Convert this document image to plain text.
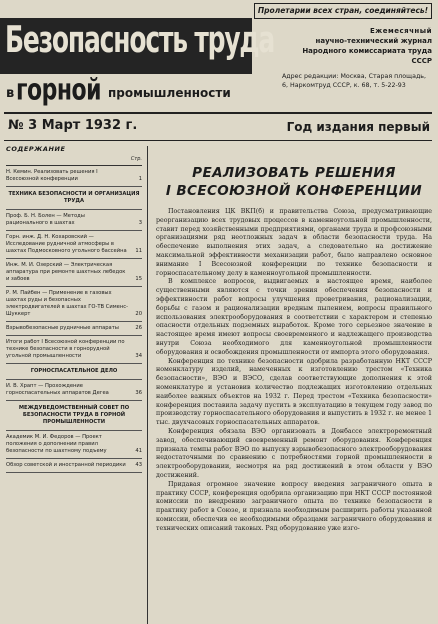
Пролетарии всех стран, соединяйтесь!
Безопасность труда
в горной промышленности
Ежемесячный
научно-технический журнал
Народного комиссариата труда СССР
Адрес редакции: Москва, Старая площадь, 6, Наркомтруд СССР, к. 68, т. 5-22-93
№ 3 Март 1932 г.	Год издания первый
СОДЕРЖАНИЕ
Стр.
Н. Кемин. Реализовать решения I Всесоюзной конференции	1
ТЕХНИКА БЕЗОПАСНОСТИ И ОРГАНИЗАЦИЯ ТРУДА
Проф. Б. Н. Болен — Методы рационального в шахтах	3
Горн. инж. Д. Н. Кохаровский — Исследование рудничной атмосферы в шахтах Подмосковного угольного бассейна	11
Инж. М. И. Озерский — Электрическая аппаратура при ремонте шахтных лебедок и забоев	15
Р. М. Пайбен — Применение в газовых шахтах руды и безопасных электродвигателей в шахтах ГО-ТВ Сименс-Шуккерт	20
Взрывобезопасные рудничные аппараты	26
Итоги работ I Всесоюзной конференции по технике безопасности в горнорудной угольной промышленности	34
ГОРНОСПАСАТЕЛЬНОЕ ДЕЛО
И. В. Храпт — Прохождение горноспасательных аппаратов Дегеа	36
МЕЖДУВЕДОМСТВЕННЫЙ СОВЕТ ПО БЕЗОПАСНОСТИ ТРУДА В ГОРНОЙ ПРОМЫШЛЕННОСТИ
Академик М. И. Федоров — Проект положения о дополнении правил безопасности по шахтному подъему	41
Обзор советской и иностранной периодики	43
РЕАЛИЗОВАТЬ РЕШЕНИЯ
I ВСЕСОЮЗНОЙ КОНФЕРЕНЦИИ

Постановления ЦК ВКП(б) и правительства Союза, предусматривающие реорганизацию всех трудовых процессов в каменноугольной промышленности, ставит перед хозяйственными предприятиями, органами труда и профсоюзными организациями ряд неотложных задач в области безопасности труда. На обеспечение выполнения этих задач, а следовательно на достижение максимальной эффективности механизации работ, было направлено основное внимание I Всесоюзной конференции по технике безопасности и горноспасательному делу в каменноугольной промышленности.

В комплексе вопросов, выдвигаемых в настоящее время, наиболее существенными являются с точки зрения обеспечения безопасности и эффективности работ вопросы улучшения проветривания, рационализации, борьбы с газом и рационализации вредным пылением, вопросы правильного использования электрооборудования в соответствии с характером и степенью опасности отдельных подземных выработок. Кроме того серьезное значение в настоящее время имеют вопросы своевременного и надлежащего производства внутри Союза необходимого для каменноугольной промышленности оборудования и освобождения промышленности от импорта этого оборудования.

Конференция по технике безопасности одобрила разработанную НКТ СССР номенклатуру изделий, намеченных к изготовлению трестом «Техника безопасности», ВЭО и ВЭСО, сделав соответствующие дополнения к этой номенклатуре и установив количество подлежащих изготовлению отдельных наиболее важных объектов на 1932 г. Перед трестом «Техника безопасности» конференция поставила задачу пустить в эксплуатацию в текущем году завод по производству горноспасательного оборудования и выпустить в 1932 г. не менее 1 тыс. двухчасовых горноспасательных аппаратов.

Конференция обязала ВЭО организовать в Донбассе электроремонтный завод, обеспечивающий своевременный ремонт оборудования. Конференция признала темпы работ ВЭО по выпуску взрывобезопасного электрооборудования недостаточными по сравнению с потребностями горной промышленности в электрооборудовании, несмотря на ряд достижений в этом области у ВЭО достижений.

Придавая огромное значение вопросу введения заграничного опыта в практику СССР, конференция одобрила организацию при НКТ СССР постоянной комиссии по внедрению заграничного опыта по технике безопасности в практику работ в Союзе, и признала необходимым расширить работы указанной комиссии, обеспечив ее необходимыми образцами заграничного оборудования и технических описаний таковых. Ряд оборудование уже изго-
